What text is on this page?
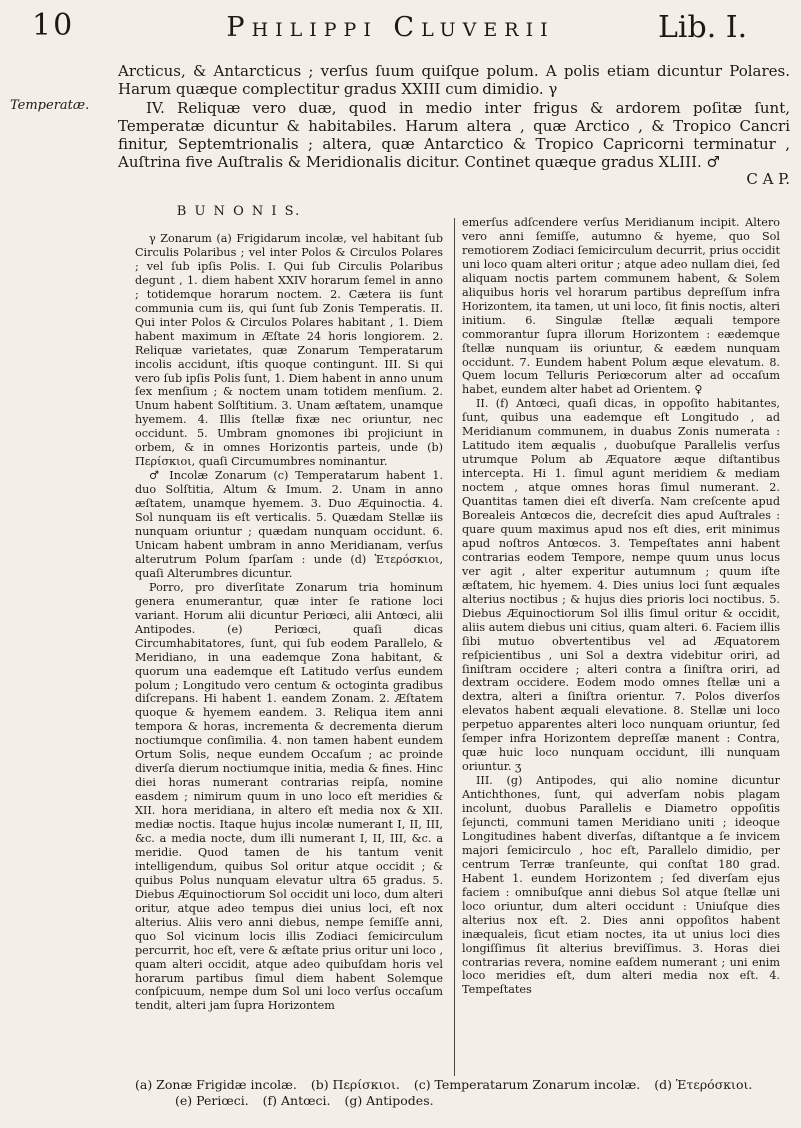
10	Philippi Cluverii	Lib. I.
Temperatæ.

Arcticus, & Antarcticus ; verſus ſuum quiſque polum. A polis etiam dicuntur Polares. Harum quæque complectitur gradus XXIII cum dimidio. γ

IV. Reliquæ vero duæ, quod in medio inter frigus & ardorem poſitæ ſunt, Temperatæ dicuntur & habitabiles. Harum altera , quæ Arctico , & Tropico Cancri finitur, Septemtrionalis ; altera, quæ Antarctico & Tropico Capricorni terminatur , Auſtrina five Auſtralis & Meridionalis dicitur. Continet quæque gradus XLIII. ♂

C A P.
B U N O N I S.

γ Zonarum (a) Frigidarum incolæ, vel habitant ſub Circulis Polaribus ; vel inter Polos & Circulos Polares ; vel ſub ipſis Polis. I. Qui ſub Circulis Polaribus degunt , 1. diem habent XXIV horarum ſemel in anno ; totidemque horarum noctem. 2. Cætera iis ſunt communia cum iis, qui ſunt ſub Zonis Temperatis. II. Qui inter Polos & Circulos Polares habitant , 1. Diem habent maximum in Æſtate 24 horis longiorem. 2. Reliquæ varietates, quæ Zonarum Temperatarum incolis accidunt, iſtis quoque contingunt. III. Si qui vero ſub ipſis Polis ſunt, 1. Diem habent in anno unum ſex menſium ; & noctem unam totidem menſium. 2. Unum habent Solſtitium. 3. Unam æſtatem, unamque hyemem. 4. Illis ſtellæ fixæ nec oriuntur, nec occidunt. 5. Umbram gnomones ibi projiciunt in orbem, & in omnes Horizontis parteis, unde (b) Περίσκιοι, quaſi Circumumbres nominantur.

♂ Incolæ Zonarum (c) Temperatarum habent 1. duo Solſtitia, Altum & Imum. 2. Unam in anno æſtatem, unamque hyemem. 3. Duo Æquinoctia. 4. Sol nunquam iis eſt verticalis. 5. Quædam Stellæ iis nunquam oriuntur ; quædam nunquam occidunt. 6. Unicam habent umbram in anno Meridianam, verſus alterutrum Polum ſparſam : unde (d) Ἑτερόσκιοι, quaſi Alterumbres dicuntur.

Porro, pro diverſitate Zonarum tria hominum genera enumerantur, quæ inter ſe ratione loci variant. Horum alii dicuntur Periœci, alii Antœci, alii Antipodes. (e) Periœci, quaſi dicas Circumhabitatores, ſunt, qui ſub eodem Parallelo, & Meridiano, in una eademque Zona habitant, & quorum una eademque eſt Latitudo verſus eundem polum ; Longitudo vero centum & octoginta gradibus diſcrepans. Hi habent 1. eandem Zonam. 2. Æſtatem quoque & hyemem eandem. 3. Reliqua item anni tempora & horas, incrementa & decrementa dierum noctiumque conſimilia. 4. non tamen habent eundem Ortum Solis, neque eundem Occaſum ; ac proinde diverſa dierum noctiumque initia, media & fines. Hinc diei horas numerant contrarias reipſa, nomine easdem ; nimirum quum in uno loco eſt meridies & XII. hora meridiana, in altero eſt media nox & XII. mediæ noctis. Itaque hujus incolæ numerant I, II, III, &c. a media nocte, dum illi numerant I, II, III, &c. a meridie. Quod tamen de his tantum venit intelligendum, quibus Sol oritur atque occidit ; & quibus Polus nunquam elevatur ultra 65 gradus. 5. Diebus Æquinoctiorum Sol occidit uni loco, dum alteri oritur, atque adeo tempus diei unius loci, eſt nox alterius. Aliis vero anni diebus, nempe ſemiſſe anni, quo Sol vicinum locis illis Zodiaci ſemicirculum percurrit, hoc eſt, vere & æſtate prius oritur uni loco , quam alteri occidit, atque adeo quibuſdam horis vel horarum partibus ſimul diem habent Solemque conſpicuum, nempe dum Sol uni loco verſus occaſum tendit, alteri jam ſupra Horizontem

emerſus adſcendere verſus Meridianum incipit. Altero vero anni ſemiſſe, autumno & hyeme, quo Sol remotiorem Zodiaci ſemicirculum decurrit, prius occidit uni loco quam alteri oritur ; atque adeo nullam diei, ſed aliquam noctis partem communem habent, & Solem aliquibus horis vel horarum partibus depreſſum infra Horizontem, ita tamen, ut uni loco, ſit finis noctis, alteri initium. 6. Singulæ ſtellæ æquali tempore commorantur ſupra illorum Horizontem : eædemque ſtellæ nunquam iis oriuntur, & eædem nunquam occidunt. 7. Eundem habent Polum æque elevatum. 8. Quem locum Telluris Periœcorum alter ad occaſum habet, eundem alter habet ad Orientem. ♀

II. (f) Antœci, quaſi dicas, in oppoſito habitantes, ſunt, quibus una eademque eſt Longitudo , ad Meridianum communem, in duabus Zonis numerata : Latitudo item æqualis , duobuſque Parallelis verſus utrumque Polum ab Æquatore æque diſtantibus intercepta. Hi 1. ſimul agunt meridiem & mediam noctem , atque omnes horas ſimul numerant. 2. Quantitas tamen diei eſt diverſa. Nam creſcente apud Borealeis Antœcos die, decreſcit dies apud Auſtrales : quare quum maximus apud nos eſt dies, erit minimus apud noſtros Antœcos. 3. Tempeſtates anni habent contrarias eodem Tempore, nempe quum unus locus ver agit , alter experitur autumnum ; quum iſte æſtatem, hic hyemem. 4. Dies unius loci ſunt æquales alterius noctibus ; & hujus dies prioris loci noctibus. 5. Diebus Æquinoctiorum Sol illis ſimul oritur & occidit, aliis autem diebus uni citius, quam alteri. 6. Faciem illis ſibi mutuo obvertentibus vel ad Æquatorem reſpicientibus , uni Sol a dextra videbitur oriri, ad ſiniſtram occidere ; alteri contra a ſiniſtra oriri, ad dextram occidere. Eodem modo omnes ſtellæ uni a dextra, alteri a ſiniſtra orientur. 7. Polos diverſos elevatos habent æquali elevatione. 8. Stellæ uni loco perpetuo apparentes alteri loco nunquam oriuntur, ſed ſemper infra Horizontem depreſſæ manent : Contra, quæ huic loco nunquam occidunt, illi nunquam oriuntur. ʒ

III. (g) Antipodes, qui alio nomine dicuntur Antichthones, ſunt, qui adverſam nobis plagam incolunt, duobus Parallelis e Diametro oppoſitis ſejuncti, communi tamen Meridiano uniti ; ideoque Longitudines habent diverſas, diſtantque a ſe invicem majori ſemicirculo , hoc eſt, Parallelo dimidio, per centrum Terræ tranſeunte, qui conſtat 180 grad. Habent 1. eundem Horizontem ; ſed diverſam ejus faciem : omnibuſque anni diebus Sol atque ſtellæ uni loco oriuntur, dum alteri occidunt : Uniuſque dies alterius nox eſt. 2. Dies anni oppoſitos habent inæqualeis, ſicut etiam noctes, ita ut unius loci dies longiſſimus ſit alterius breviſſimus. 3. Horas diei contrarias revera, nomine eaſdem numerant ; uni enim loco meridies eſt, dum alteri media nox eſt. 4. Tempeſtates

(a) Zonæ Frigidæ incolæ. (b) Περίσκιοι. (c) Temperatarum Zonarum incolæ. (d) Ἑτερόσκιοι.
(e) Periœci. (f) Antœci. (g) Antipodes.
